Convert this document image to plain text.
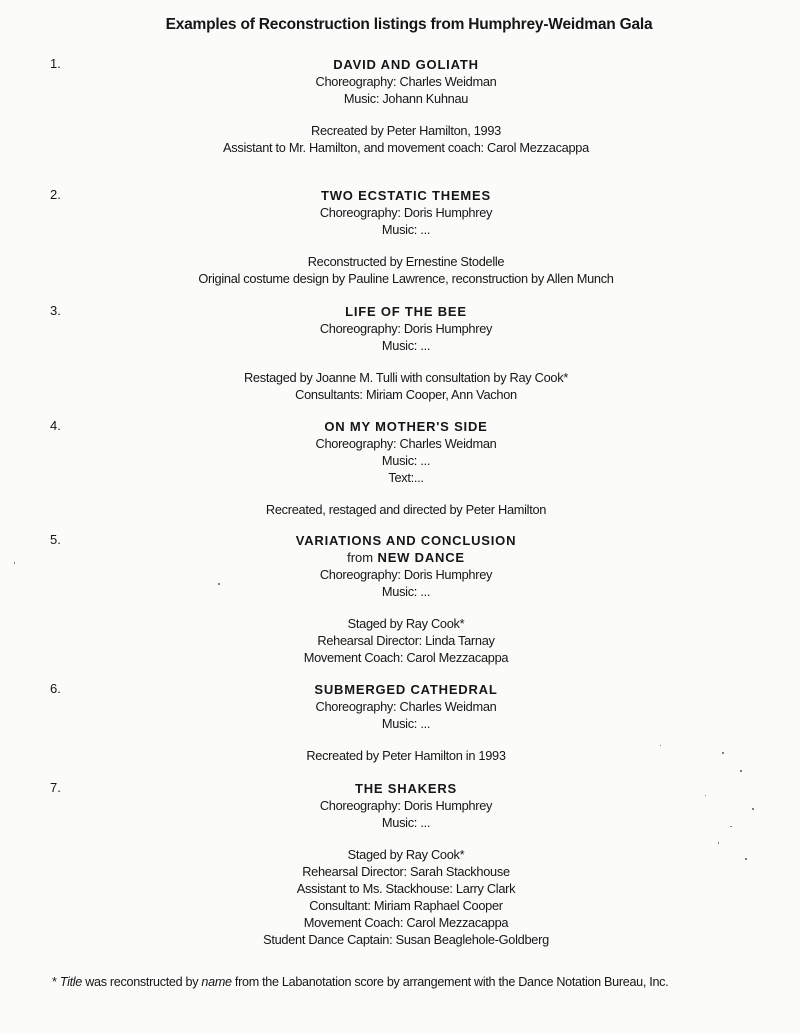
Examples of Reconstruction listings from Humphrey-Weidman Gala
1.	DAVID AND GOLIATH
Choreography: Charles Weidman
Music: Johann Kuhnau
Recreated by Peter Hamilton, 1993
Assistant to Mr. Hamilton, and movement coach: Carol Mezzacappa
2.	TWO ECSTATIC THEMES
Choreography: Doris Humphrey
Music: ...
Reconstructed by Ernestine Stodelle
Original costume design by Pauline Lawrence, reconstruction by Allen Munch
3.	LIFE OF THE BEE
Choreography: Doris Humphrey
Music: ...
Restaged by Joanne M. Tulli with consultation by Ray Cook*
Consultants: Miriam Cooper, Ann Vachon
4.	ON MY MOTHER'S SIDE
Choreography: Charles Weidman
Music: ...
Text:...
Recreated, restaged and directed by Peter Hamilton
5.	VARIATIONS AND CONCLUSION
from NEW DANCE
Choreography: Doris Humphrey
Music: ...
Staged by Ray Cook*
Rehearsal Director: Linda Tarnay
Movement Coach: Carol Mezzacappa
6.	SUBMERGED CATHEDRAL
Choreography: Charles Weidman
Music: ...
Recreated by Peter Hamilton in 1993
7.	THE SHAKERS
Choreography: Doris Humphrey
Music: ...
Staged by Ray Cook*
Rehearsal Director: Sarah Stackhouse
Assistant to Ms. Stackhouse: Larry Clark
Consultant: Miriam Raphael Cooper
Movement Coach: Carol Mezzacappa
Student Dance Captain: Susan Beaglehole-Goldberg
* Title was reconstructed by name from the Labanotation score by arrangement with the Dance Notation Bureau, Inc.
